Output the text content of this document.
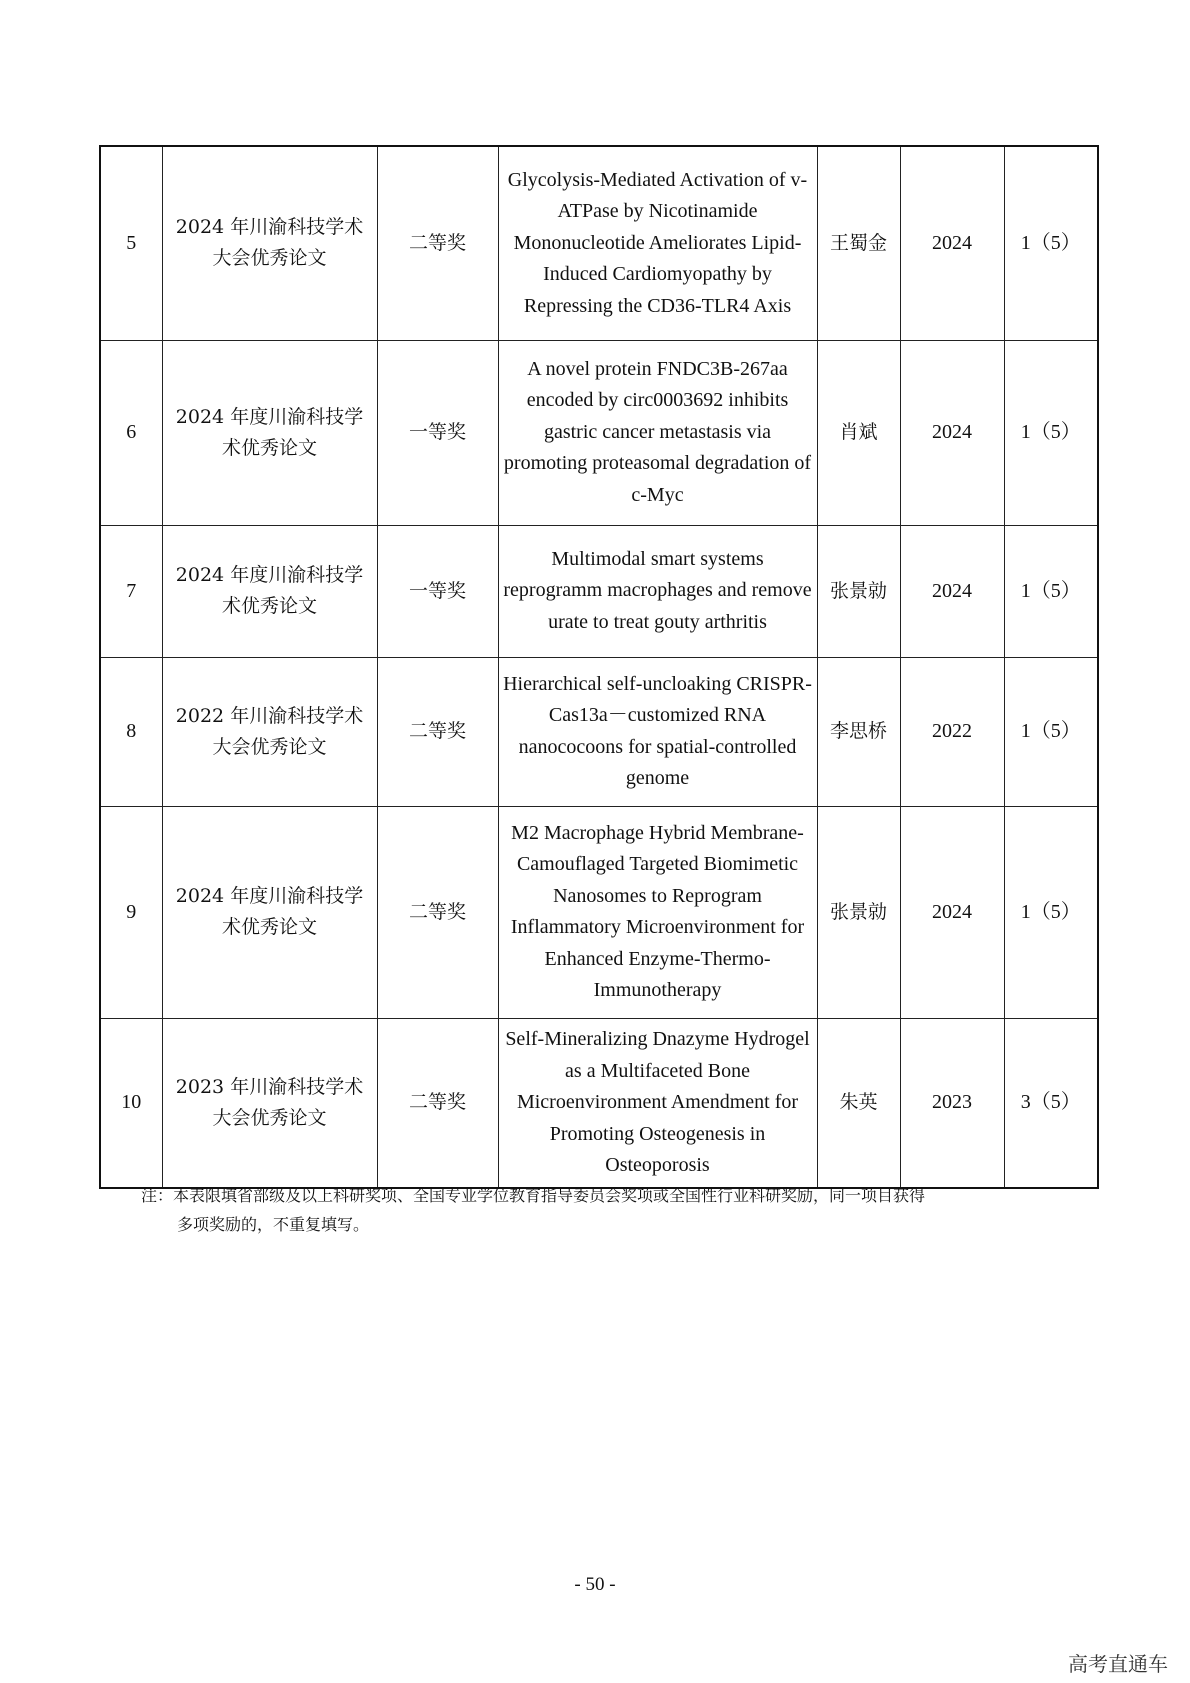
5	2024 年川渝科技学术大会优秀论文	二等奖	Glycolysis-Mediated Activation of v-ATPase by Nicotinamide Mononucleotide Ameliorates Lipid-Induced Cardiomyopathy by Repressing the CD36-TLR4 Axis	王蜀金	2024	1（5）
6	2024 年度川渝科技学术优秀论文	一等奖	A novel protein FNDC3B-267aa encoded by circ0003692 inhibits gastric cancer metastasis via promoting proteasomal degradation of c-Myc	肖斌	2024	1（5）
7	2024 年度川渝科技学术优秀论文	一等奖	Multimodal smart systems reprogramm macrophages and remove urate to treat gouty arthritis	张景勍	2024	1（5）
8	2022 年川渝科技学术大会优秀论文	二等奖	Hierarchical self-uncloaking CRISPR-Cas13a－customized RNA nanococoons for spatial-controlled genome	李思桥	2022	1（5）
9	2024 年度川渝科技学术优秀论文	二等奖	M2 Macrophage Hybrid Membrane-Camouflaged Targeted Biomimetic Nanosomes to Reprogram Inflammatory Microenvironment for Enhanced Enzyme-Thermo-Immunotherapy	张景勍	2024	1（5）
10	2023 年川渝科技学术大会优秀论文	二等奖	Self-Mineralizing Dnazyme Hydrogel as a Multifaceted Bone Microenvironment Amendment for Promoting Osteogenesis in Osteoporosis	朱英	2023	3（5）
注：本表限填省部级及以上科研奖项、全国专业学位教育指导委员会奖项或全国性行业科研奖励，同一项目获得
多项奖励的，不重复填写。
- 50 -
高考直通车
